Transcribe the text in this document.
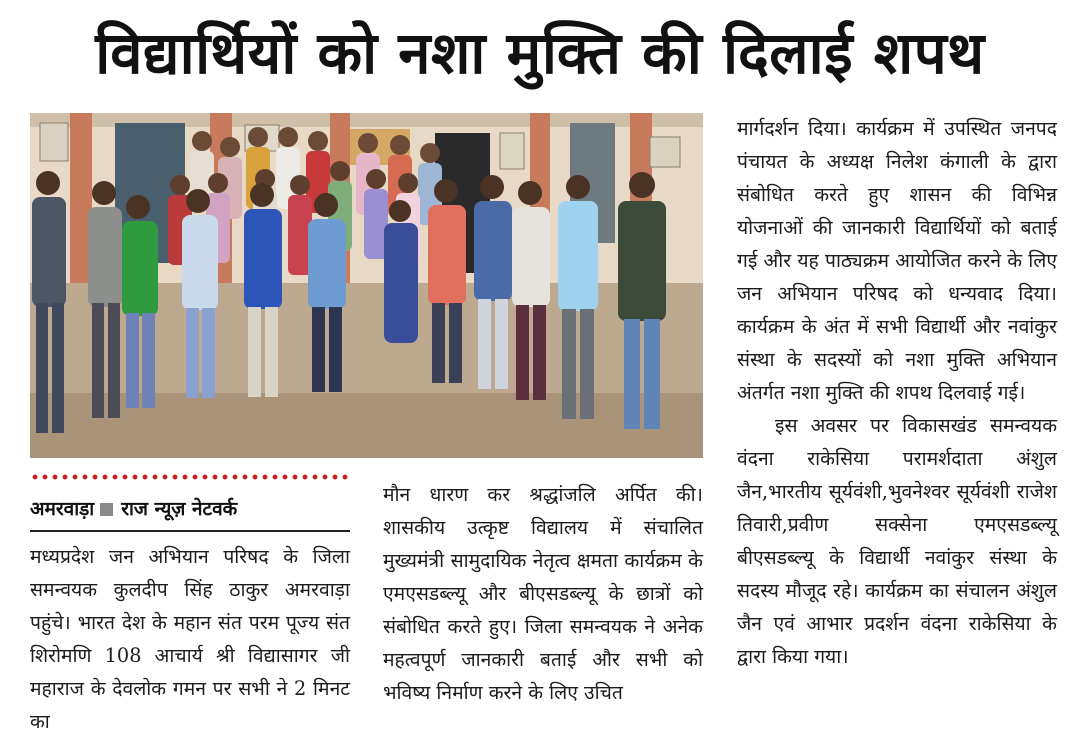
विद्यार्थियों को नशा मुक्ति की दिलाई शपथ

मार्गदर्शन दिया। कार्यक्रम में उपस्थित जनपद पंचायत के अध्यक्ष निलेश कंगाली के द्वारा संबोधित करते हुए शासन की विभिन्न योजनाओं की जानकारी विद्यार्थियों को बताई गई और यह पाठ्यक्रम आयोजित करने के लिए जन अभियान परिषद को धन्यवाद दिया। कार्यक्रम के अंत में सभी विद्यार्थी और नवांकुर संस्था के सदस्यों को नशा मुक्ति अभियान अंतर्गत नशा मुक्ति की शपथ दिलवाई गई।

इस अवसर पर विकासखंड समन्वयक वंदना राकेसिया परामर्शदाता अंशुल जैन,भारतीय सूर्यवंशी,भुवनेश्वर सूर्यवंशी राजेश तिवारी,प्रवीण सक्सेना एमएसडब्ल्यू बीएसडब्ल्यू के विद्यार्थी नवांकुर संस्था के सदस्य मौजूद रहे। कार्यक्रम का संचालन अंशुल जैन एवं आभार प्रदर्शन वंदना राकेसिया के द्वारा किया गया।

अमरवाड़ा राज न्यूज़ नेटवर्क

मध्यप्रदेश जन अभियान परिषद के जिला समन्वयक कुलदीप सिंह ठाकुर अमरवाड़ा पहुंचे। भारत देश के महान संत परम पूज्य संत शिरोमणि 108 आचार्य श्री विद्यासागर जी महाराज के देवलोक गमन पर सभी ने 2 मिनट का

मौन धारण कर श्रद्धांजलि अर्पित की। शासकीय उत्कृष्ट विद्यालय में संचालित मुख्यमंत्री सामुदायिक नेतृत्व क्षमता कार्यक्रम के एमएसडब्ल्यू और बीएसडब्ल्यू के छात्रों को संबोधित करते हुए। जिला समन्वयक ने अनेक महत्वपूर्ण जानकारी बताई और सभी को भविष्य निर्माण करने के लिए उचित
